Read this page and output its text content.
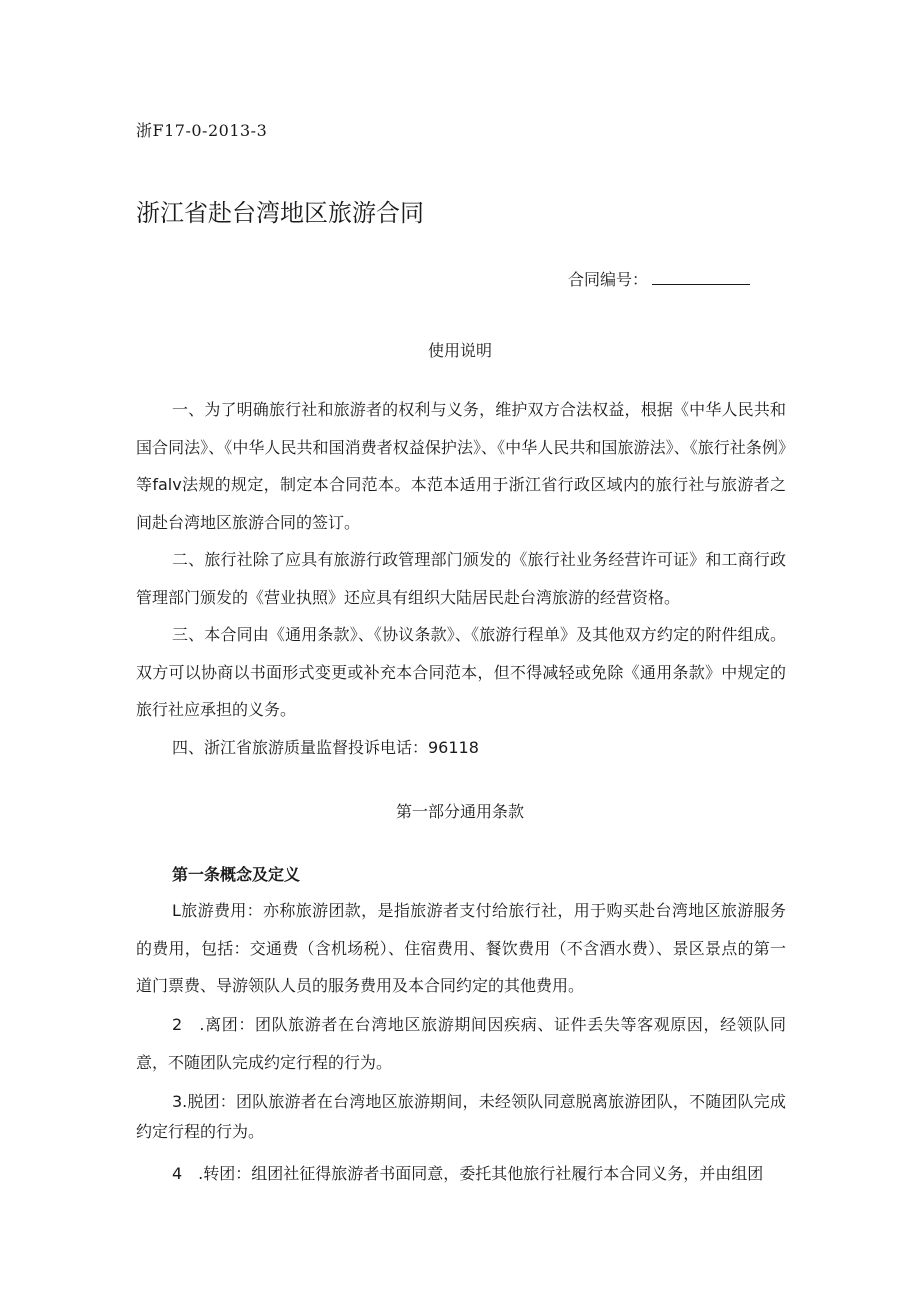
浙F17-0-2013-3
浙江省赴台湾地区旅游合同
合同编号：
使用说明
一、为了明确旅行社和旅游者的权利与义务，维护双方合法权益，根据《中华人民共和国合同法》、《中华人民共和国消费者权益保护法》、《中华人民共和国旅游法》、《旅行社条例》等falv法规的规定，制定本合同范本。本范本适用于浙江省行政区域内的旅行社与旅游者之间赴台湾地区旅游合同的签订。
二、旅行社除了应具有旅游行政管理部门颁发的《旅行社业务经营许可证》和工商行政管理部门颁发的《营业执照》还应具有组织大陆居民赴台湾旅游的经营资格。
三、本合同由《通用条款》、《协议条款》、《旅游行程单》及其他双方约定的附件组成。双方可以协商以书面形式变更或补充本合同范本，但不得减轻或免除《通用条款》中规定的旅行社应承担的义务。
四、浙江省旅游质量监督投诉电话：96118
第一部分通用条款
第一条概念及定义
L旅游费用：亦称旅游团款，是指旅游者支付给旅行社，用于购买赴台湾地区旅游服务的费用，包括：交通费（含机场税）、住宿费用、餐饮费用（不含酒水费）、景区景点的第一道门票费、导游领队人员的服务费用及本合同约定的其他费用。
2　.离团：团队旅游者在台湾地区旅游期间因疾病、证件丢失等客观原因，经领队同意，不随团队完成约定行程的行为。
3.脱团：团队旅游者在台湾地区旅游期间，未经领队同意脱离旅游团队，不随团队完成约定行程的行为。
4　.转团：组团社征得旅游者书面同意，委托其他旅行社履行本合同义务，并由组团
